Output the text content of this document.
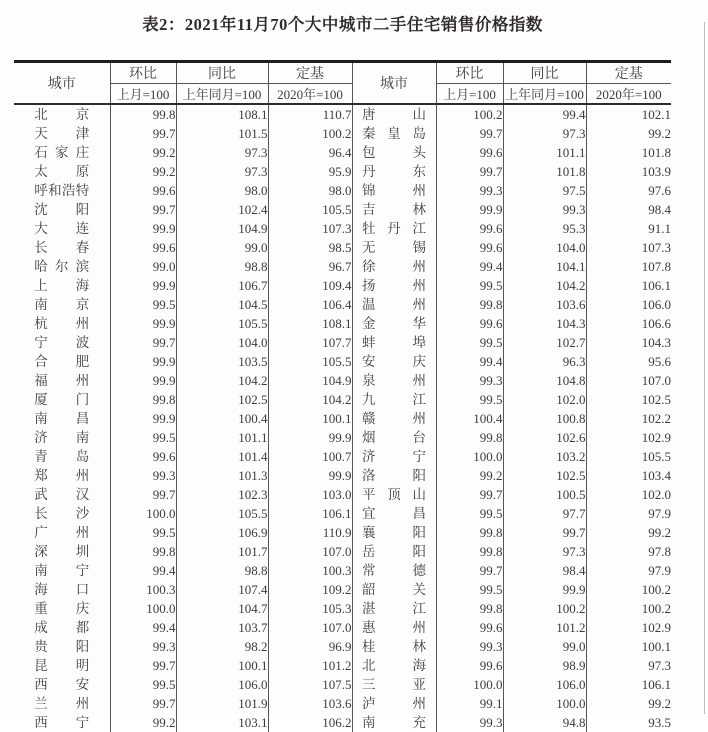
表2：2021年11月70个大中城市二手住宅销售价格指数
城市	环比	同比	定基	城市	环比	同比	定基
	上月=100	上年同月=100	2020年=100		上月=100	上年同月=100	2020年=100
北京	99.8	108.1	110.7	唐山	100.2	99.4	102.1
天津	99.7	101.5	100.2	秦皇岛	99.7	97.3	99.2
石家庄	99.2	97.3	96.4	包头	99.6	101.1	101.8
太原	99.2	97.3	95.9	丹东	99.7	101.8	103.9
呼和浩特	99.6	98.0	98.0	锦州	99.3	97.5	97.6
沈阳	99.7	102.4	105.5	吉林	99.9	99.3	98.4
大连	99.9	104.9	107.3	牡丹江	99.6	95.3	91.1
长春	99.6	99.0	98.5	无锡	99.6	104.0	107.3
哈尔滨	99.0	98.8	96.7	徐州	99.4	104.1	107.8
上海	99.9	106.7	109.4	扬州	99.5	104.2	106.1
南京	99.5	104.5	106.4	温州	99.8	103.6	106.0
杭州	99.9	105.5	108.1	金华	99.6	104.3	106.6
宁波	99.7	104.0	107.7	蚌埠	99.5	102.7	104.3
合肥	99.9	103.5	105.5	安庆	99.4	96.3	95.6
福州	99.9	104.2	104.9	泉州	99.3	104.8	107.0
厦门	99.8	102.5	104.2	九江	99.5	102.0	102.5
南昌	99.9	100.4	100.1	赣州	100.4	100.8	102.2
济南	99.5	101.1	99.9	烟台	99.8	102.6	102.9
青岛	99.6	101.4	100.7	济宁	100.0	103.2	105.5
郑州	99.3	101.3	99.9	洛阳	99.2	102.5	103.4
武汉	99.7	102.3	103.0	平顶山	99.7	100.5	102.0
长沙	100.0	105.5	106.1	宜昌	99.5	97.7	97.9
广州	99.5	106.9	110.9	襄阳	99.8	99.7	99.2
深圳	99.8	101.7	107.0	岳阳	99.8	97.3	97.8
南宁	99.4	98.8	100.3	常德	99.7	98.4	97.9
海口	100.3	107.4	109.2	韶关	99.5	99.9	100.2
重庆	100.0	104.7	105.3	湛江	99.8	100.2	100.2
成都	99.4	103.7	107.0	惠州	99.6	101.2	102.9
贵阳	99.3	98.2	96.9	桂林	99.3	99.0	100.1
昆明	99.7	100.1	101.2	北海	99.6	98.9	97.3
西安	99.5	106.0	107.5	三亚	100.0	106.0	106.1
兰州	99.7	101.9	103.6	泸州	99.1	100.0	99.2
西宁	99.2	103.1	106.2	南充	99.3	94.8	93.5
